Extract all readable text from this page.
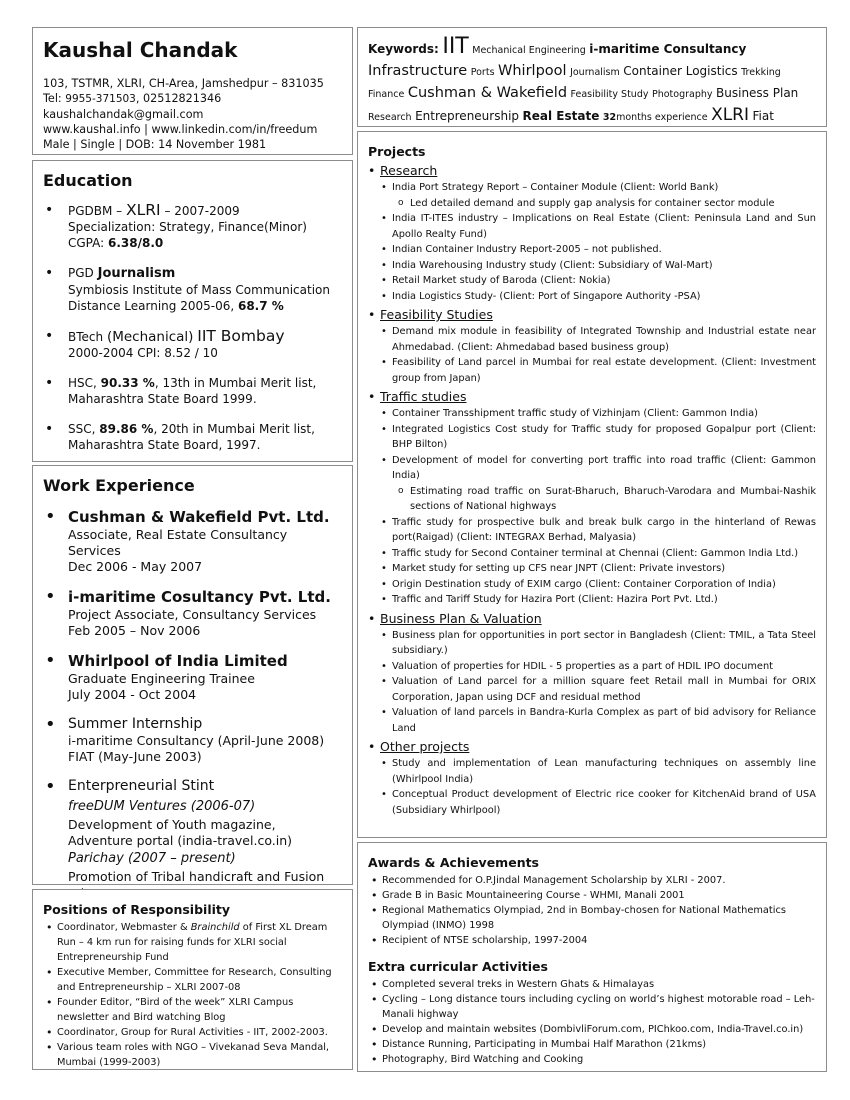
Kaushal Chandak
103, TSTMR, XLRI, CH-Area, Jamshedpur – 831035
Tel: 9955-371503, 02512821346
kaushalchandak@gmail.com
www.kaushal.info | www.linkedin.com/in/freedum
Male | Single | DOB: 14 November 1981
Keywords: IIT Mechanical Engineering i-maritime Consultancy Infrastructure Ports Whirlpool Journalism Container Logistics Trekking Finance Cushman & Wakefield Feasibility Study Photography Business Plan Research Entrepreneurship Real Estate 32months experience XLRI Fiat
Education
• PGDBM – XLRI – 2007-2009
Specialization: Strategy, Finance(Minor)
CGPA: 6.38/8.0
• PGD Journalism
Symbiosis Institute of Mass Communication
Distance Learning 2005-06, 68.7 %
• BTech (Mechanical) IIT Bombay
2000-2004 CPI: 8.52 / 10
• HSC, 90.33 %, 13th in Mumbai Merit list,
Maharashtra State Board 1999.
• SSC, 89.86 %, 20th in Mumbai Merit list,
Maharashtra State Board, 1997.
Work Experience
• Cushman & Wakefield Pvt. Ltd.
Associate, Real Estate Consultancy Services
Dec 2006 - May 2007
• i-maritime Cosultancy Pvt. Ltd.
Project Associate, Consultancy Services
Feb 2005 – Nov 2006
• Whirlpool of India Limited
Graduate Engineering Trainee
July 2004 - Oct 2004
• Summer Internship
i-maritime Consultancy (April-June 2008)
FIAT (May-June 2003)
• Enterpreneurial Stint
freeDUM Ventures (2006-07)
Development of Youth magazine, Adventure portal (india-travel.co.in)
Parichay (2007 – present)
Promotion of Tribal handicraft and Fusion
Positions of Responsibility
• Coordinator, Webmaster & Brainchild of First XL Dream Run – 4 km run for raising funds for XLRI social Entrepreneurship Fund
• Executive Member, Committee for Research, Consulting and Entrepreneurship – XLRI 2007-08
• Founder Editor, “Bird of the week” XLRI Campus newsletter and Bird watching Blog
• Coordinator, Group for Rural Activities - IIT, 2002-2003.
• Various team roles with NGO – Vivekanad Seva Mandal, Mumbai (1999-2003)
Projects
• Research
• India Port Strategy Report – Container Module (Client: World Bank)
o Led detailed demand and supply gap analysis for container sector module
• India IT-ITES industry – Implications on Real Estate (Client: Peninsula Land and Sun Apollo Realty Fund)
• Indian Container Industry Report-2005 – not published.
• India Warehousing Industry study (Client: Subsidiary of Wal-Mart)
• Retail Market study of Baroda (Client: Nokia)
• India Logistics Study- (Client: Port of Singapore Authority -PSA)
• Feasibility Studies
• Demand mix module in feasibility of Integrated Township and Industrial estate near Ahmedabad. (Client: Ahmedabad based business group)
• Feasibility of Land parcel in Mumbai for real estate development. (Client: Investment group from Japan)
• Traffic studies
• Container Transshipment traffic study of Vizhinjam (Client: Gammon India)
• Integrated Logistics Cost study for Traffic study for proposed Gopalpur port (Client: BHP Bilton)
• Development of model for converting port traffic into road traffic (Client: Gammon India)
o Estimating road traffic on Surat-Bharuch, Bharuch-Varodara and Mumbai-Nashik sections of National highways
• Traffic study for prospective bulk and break bulk cargo in the hinterland of Rewas port(Raigad) (Client: INTEGRAX Berhad, Malyasia)
• Traffic study for Second Container terminal at Chennai (Client: Gammon India Ltd.)
• Market study for setting up CFS near JNPT (Client: Private investors)
• Origin Destination study of EXIM cargo (Client: Container Corporation of India)
• Traffic and Tariff Study for Hazira Port (Client: Hazira Port Pvt. Ltd.)
• Business Plan & Valuation
• Business plan for opportunities in port sector in Bangladesh (Client: TMIL, a Tata Steel subsidiary.)
• Valuation of properties for HDIL - 5 properties as a part of HDIL IPO document
• Valuation of Land parcel for a million square feet Retail mall in Mumbai for ORIX Corporation, Japan using DCF and residual method
• Valuation of land parcels in Bandra-Kurla Complex as part of bid advisory for Reliance Land
• Other projects
• Study and implementation of Lean manufacturing techniques on assembly line (Whirlpool India)
• Conceptual Product development of Electric rice cooker for KitchenAid brand of USA (Subsidiary Whirlpool)
Awards & Achievements
• Recommended for O.P.Jindal Management Scholarship by XLRI - 2007.
• Grade B in Basic Mountaineering Course - WHMI, Manali 2001
• Regional Mathematics Olympiad, 2nd in Bombay-chosen for National Mathematics Olympiad (INMO) 1998
• Recipient of NTSE scholarship, 1997-2004
Extra curricular Activities
• Completed several treks in Western Ghats & Himalayas
• Cycling – Long distance tours including cycling on world’s highest motorable road – Leh-Manali highway
• Develop and maintain websites (DombivliForum.com, PIChkoo.com, India-Travel.co.in)
• Distance Running, Participating in Mumbai Half Marathon (21kms)
• Photography, Bird Watching and Cooking
